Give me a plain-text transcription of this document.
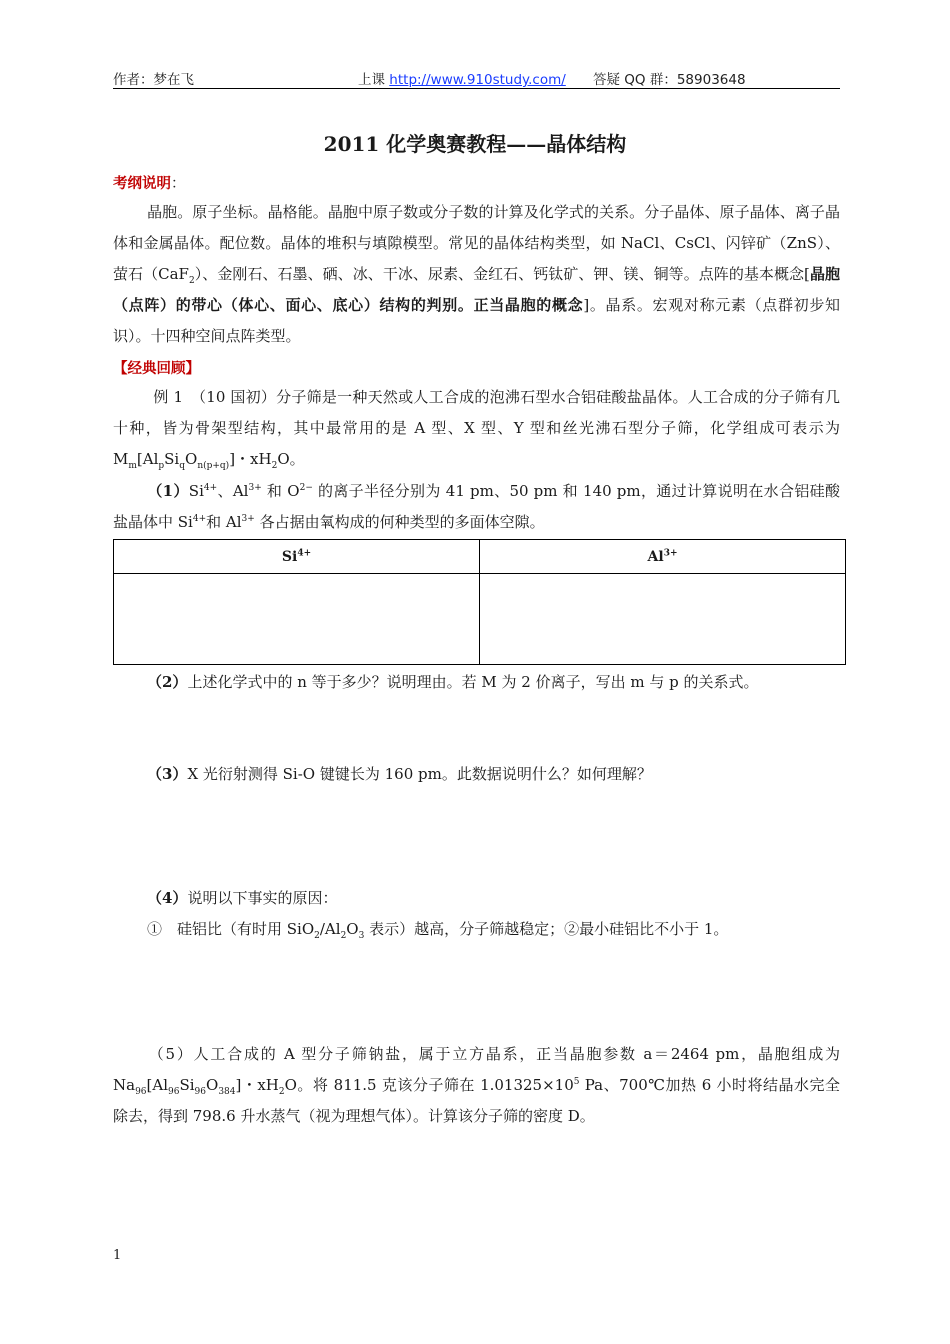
作者：梦在飞	上课 http://www.910study.com/ 答疑 QQ 群：58903648
2011 化学奥赛教程——晶体结构
考纲说明：
晶胞。原子坐标。晶格能。晶胞中原子数或分子数的计算及化学式的关系。分子晶体、原子晶体、离子晶体和金属晶体。配位数。晶体的堆积与填隙模型。常见的晶体结构类型，如 NaCl、CsCl、闪锌矿（ZnS）、萤石（CaF$_2$）、金刚石、石墨、硒、冰、干冰、尿素、金红石、钙钛矿、钾、镁、铜等。点阵的基本概念[晶胞（点阵）的带心（体心、面心、底心）结构的判别。正当晶胞的概念]。晶系。宏观对称元素（点群初步知识）。十四种空间点阵类型。
【经典回顾】
例 1　（10 国初）分子筛是一种天然或人工合成的泡沸石型水合铝硅酸盐晶体。人工合成的分子筛有几十种，皆为骨架型结构，其中最常用的是 A 型、X 型、Y 型和丝光沸石型分子筛，化学组成可表示为 $M_m[Al_pSi_qO_{n(p+q)}]$・$xH_2O$。
$(1)Si^{4+}$、$Al^{3+}$ 和 $O^{2-}$ 的离子半径分别为 41 pm、50 pm 和 140 pm，通过计算说明在水合铝硅酸盐晶体中 $Si^{4+}$和 $Al^{3+}$ 各占据由氧构成的何种类型的多面体空隙。
$Si^{4+}$	$Al^{3+}$

（2）上述化学式中的 n 等于多少？说明理由。若 M 为 2 价离子，写出 m 与 p 的关系式。
（3）X 光衍射测得 Si-O 键键长为 160 pm。此数据说明什么？如何理解？
（4）说明以下事实的原因：
①　硅铝比（有时用 $SiO_2/Al_2O_3$ 表示）越高，分子筛越稳定；②最小硅铝比不小于 1。
（5）人工合成的 A 型分子筛钠盐，属于立方晶系，正当晶胞参数 a＝2464 pm，晶胞组成为 $Na_{96}[Al_{96}Si_{96}O_{384}]$・$xH_2O$。将 811.5 克该分子筛在 $1.01325\times 10^5$ Pa、700℃加热 6 小时将结晶水完全除去，得到 798.6 升水蒸气（视为理想气体）。计算该分子筛的密度 D。
1
